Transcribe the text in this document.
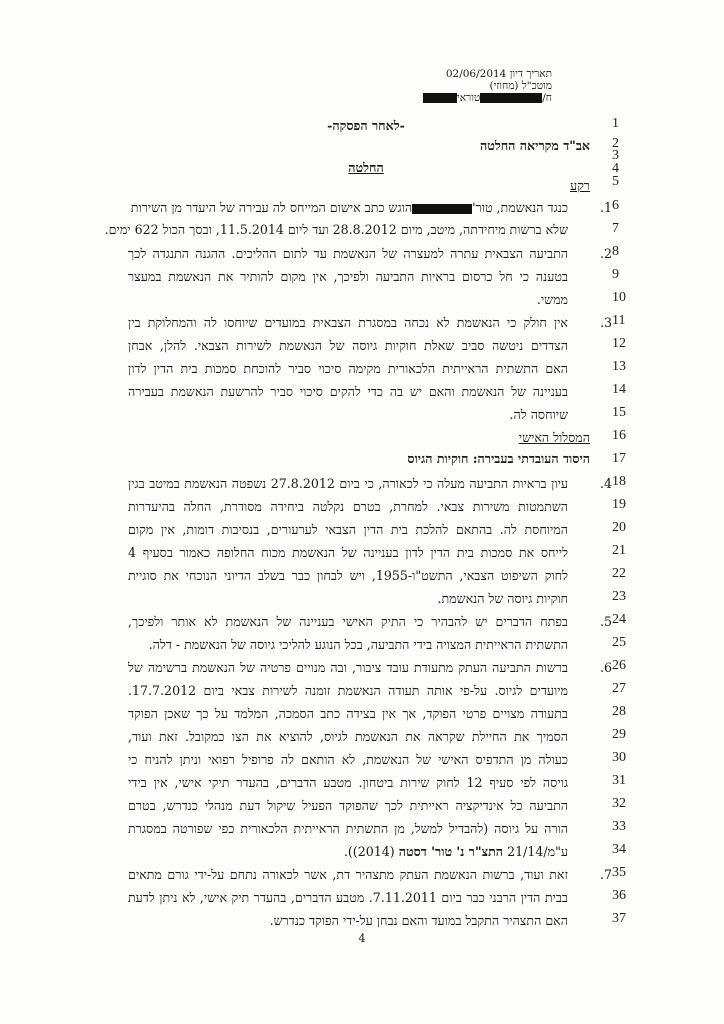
תאריך דיון 02/06/2014
מוטכ"ל (מחוזי)
ח/טוראי
1
2
3
4
5
6
7
8
9
10
11
12
13
14
15
16
17
18
19
20
21
22
23
24
25
26
27
28
29
30
31
32
33
34
35
36
37
-לאחר הפסקה-
אב"ד מקריאה החלטה
החלטה
רקע
.1
כנגד הנאשמת, טור'הוגש כתב אישום המייחס לה עבירה של היעדר מן השירות
שלא ברשות מיחידתה, מיטב, מיום 28.8.2012 ועד ליום 11.5.2014, ובסך הכול 622 ימים.
.2
התביעה הצבאית עתרה למעצרה של הנאשמת עד לתום ההליכים. ההגנה התנגדה לכך
בטענה כי חל כרסום בראיות התביעה ולפיכך, אין מקום להותיר את הנאשמת במעצר
ממשי.
.3
אין חולק כי הנאשמת לא נכחה במסגרת הצבאית במועדים שיוחסו לה והמחלוקת בין
הצדדים ניטשה סביב שאלת חוקיות גיוסה של הנאשמת לשירות הצבאי. להלן, אבחן
האם התשתית הראייתית הלכאורית מקימה סיכוי סביר להוכחת סמכות בית הדין לדון
בעניינה של הנאשמת והאם יש בה כדי להקים סיכוי סביר להרשעת הנאשמת בעבירה
שיוחסה לה.
המסלול האישי
היסוד העובדתי בעבירה: חוקיות הגיוס
.4
עיון בראיות התביעה מעלה כי לכאורה, כי ביום 27.8.2012 נשפטה הנאשמת במיטב בגין
השתמטות משירות צבאי. למחרת, בטרם נקלטה ביחידה מסודרת, החלה בהיעדרות
המיוחסת לה. בהתאם להלכת בית הדין הצבאי לערעורים, בנסיבות דומות, אין מקום
לייחס את סמכות בית הדין לדון בעניינה של הנאשמת מכוח החלופה כאמור בסעיף 4
לחוק השיפוט הצבאי, התשט"ו-1955, ויש לבחון כבר בשלב הדיוני הנוכחי את סוגיית
חוקיות גיוסה של הנאשמת.
.5
בפתח הדברים יש להבהיר כי התיק האישי בעניינה של הנאשמת לא אותר ולפיכך,
התשתית הראייתית המצויה בידי התביעה, בכל הנוגע להליכי גיוסה של הנאשמת - דלה.
.6
ברשות התביעה העתק מתעודת עובד ציבור, ובה מנויים פרטיה של הנאשמת ברשימה של
מיועדים לגיוס. על-פי אותה תעודה הנאשמת זומנה לשירות צבאי ביום 17.7.2012.
בתעודה מצויים פרטי הפוקד, אך אין בצידה כתב הסמכה, המלמד על כך שאכן הפוקד
הסמיך את החיילת שקראה את הנאשמת לגיוס, להוציא את הצו כמקובל. זאת ועוד,
כעולה מן התדפיס האישי של הנאשמת, לא הותאם לה פרופיל רפואי וניתן להניח כי
גויסה לפי סעיף 12 לחוק שירות ביטחון. מטבע הדברים, בהעדר תיקי אישי, אין בידי
התביעה כל אינדיקציה ראייתית לכך שהפוקד הפעיל שיקול דעת מנהלי כנדרש, בטרם
הורה על גיוסה (להבדיל למשל, מן התשתית הראייתית הלכאורית כפי שפורטה במסגרת
ע"מ/21/14 התצ"ר נ' טור' דסטה (2014)).
.7
זאת ועוד, ברשות הנאשמת העתק מתצהיר דת, אשר לכאורה נתחם על-ידי גורם מתאים
בבית הדין הרבני כבר ביום 7.11.2011. מטבע הדברים, בהעדר תיק אישי, לא ניתן לדעת
האם התצהיר התקבל במועד והאם נבחן על-ידי הפוקד כנדרש.
4
